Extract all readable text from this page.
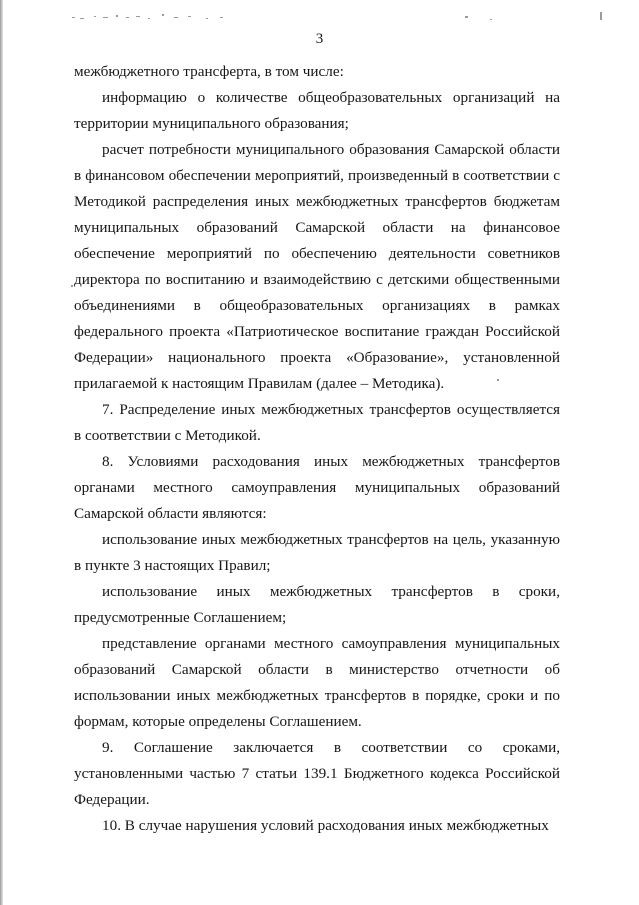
3

межбюджетного трансферта, в том числе:

информацию о количестве общеобразовательных организаций на территории муниципального образования;

расчет потребности муниципального образования Самарской области в финансовом обеспечении мероприятий, произведенный в соответствии с Методикой распределения иных межбюджетных трансфертов бюджетам муниципальных образований Самарской области на финансовое обеспечение мероприятий по обеспечению деятельности советников директора по воспитанию и взаимодействию с детскими общественными объединениями в общеобразовательных организациях в рамках федерального проекта «Патриотическое воспитание граждан Российской Федерации» национального проекта «Образование», установленной прилагаемой к настоящим Правилам (далее – Методика).

7. Распределение иных межбюджетных трансфертов осуществляется в соответствии с Методикой.

8. Условиями расходования иных межбюджетных трансфертов органами местного самоуправления муниципальных образований Самарской области являются:

использование иных межбюджетных трансфертов на цель, указанную в пункте 3 настоящих Правил;

использование иных межбюджетных трансфертов в сроки, предусмотренные Соглашением;

представление органами местного самоуправления муниципальных образований Самарской области в министерство отчетности об использовании иных межбюджетных трансфертов в порядке, сроки и по формам, которые определены Соглашением.

9. Соглашение заключается в соответствии со сроками, установленными частью 7 статьи 139.1 Бюджетного кодекса Российской Федерации.

10. В случае нарушения условий расходования иных межбюджетных
